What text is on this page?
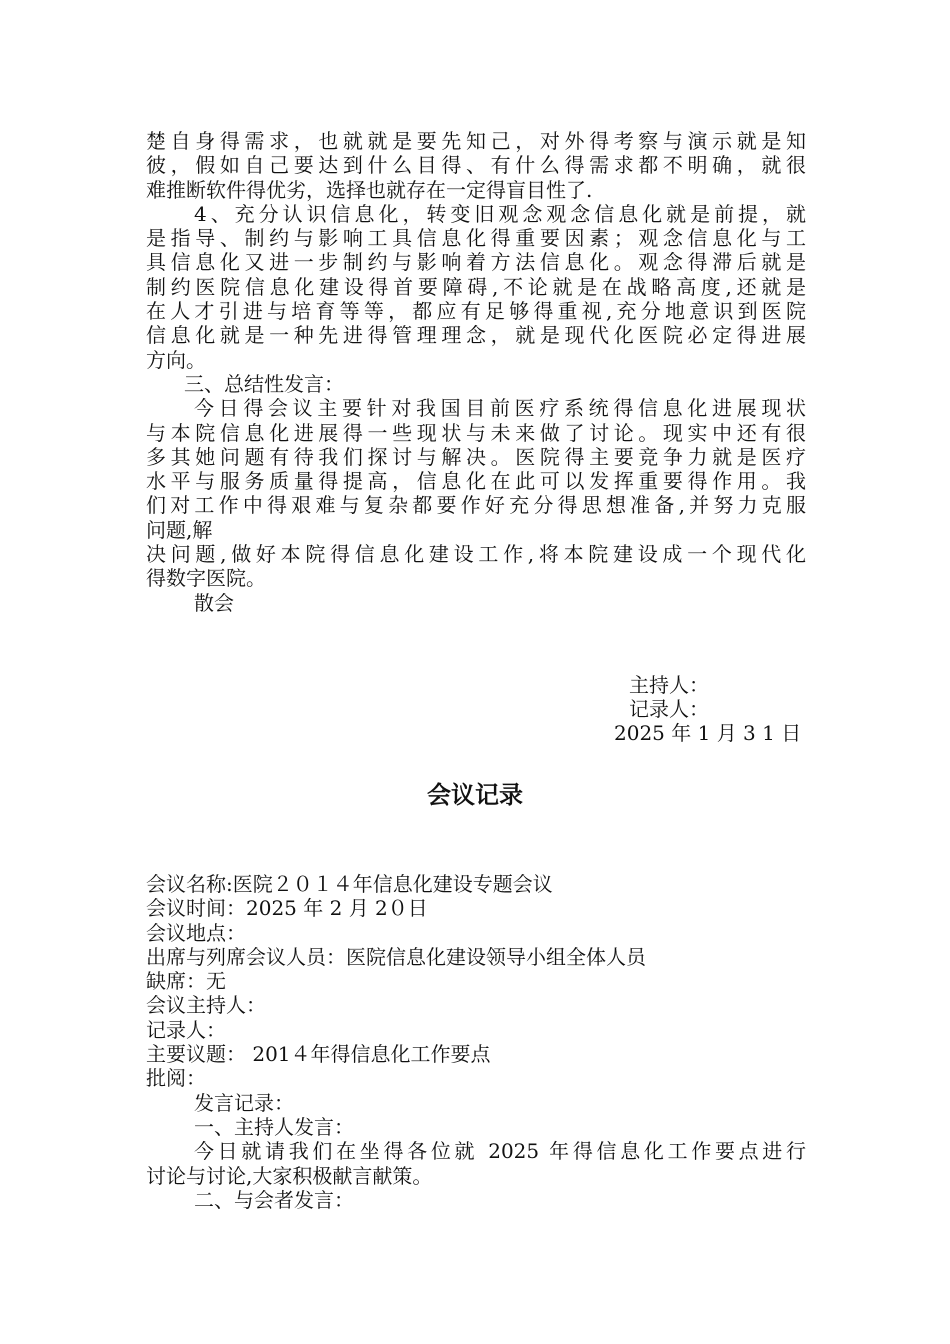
楚自身得需求，也就就是要先知己，对外得考察与演示就是知
彼，假如自己要达到什么目得、有什么得需求都不明确，就很
难推断软件得优劣，选择也就存在一定得盲目性了.
4、充分认识信息化，转变旧观念观念信息化就是前提，就
是指导、制约与影响工具信息化得重要因素；观念信息化与工
具信息化又进一步制约与影响着方法信息化。观念得滞后就是
制约医院信息化建设得首要障碍,不论就是在战略高度,还就是
在人才引进与培育等等，都应有足够得重视,充分地意识到医院
信息化就是一种先进得管理理念，就是现代化医院必定得进展
方向。
三、总结性发言：
今日得会议主要针对我国目前医疗系统得信息化进展现状
与本院信息化进展得一些现状与未来做了讨论。现实中还有很
多其她问题有待我们探讨与解决。医院得主要竞争力就是医疗
水平与服务质量得提高，信息化在此可以发挥重要得作用。我
们对工作中得艰难与复杂都要作好充分得思想准备,并努力克服
问题,解
决问题,做好本院得信息化建设工作,将本院建设成一个现代化
得数字医院。
散会
主持人：
记录人：
2025 年 1 月 3 1 日
会议记录
会议名称:医院２０１４年信息化建设专题会议
会议时间：2025 年 2 月 2０日
会议地点：
出席与列席会议人员：医院信息化建设领导小组全体人员
缺席：无
会议主持人：
记录人：
主要议题： 201４年得信息化工作要点
批阅：
发言记录：
一、主持人发言：
今日就请我们在坐得各位就 2025 年得信息化工作要点进行
讨论与讨论,大家积极献言献策。
二、与会者发言：
